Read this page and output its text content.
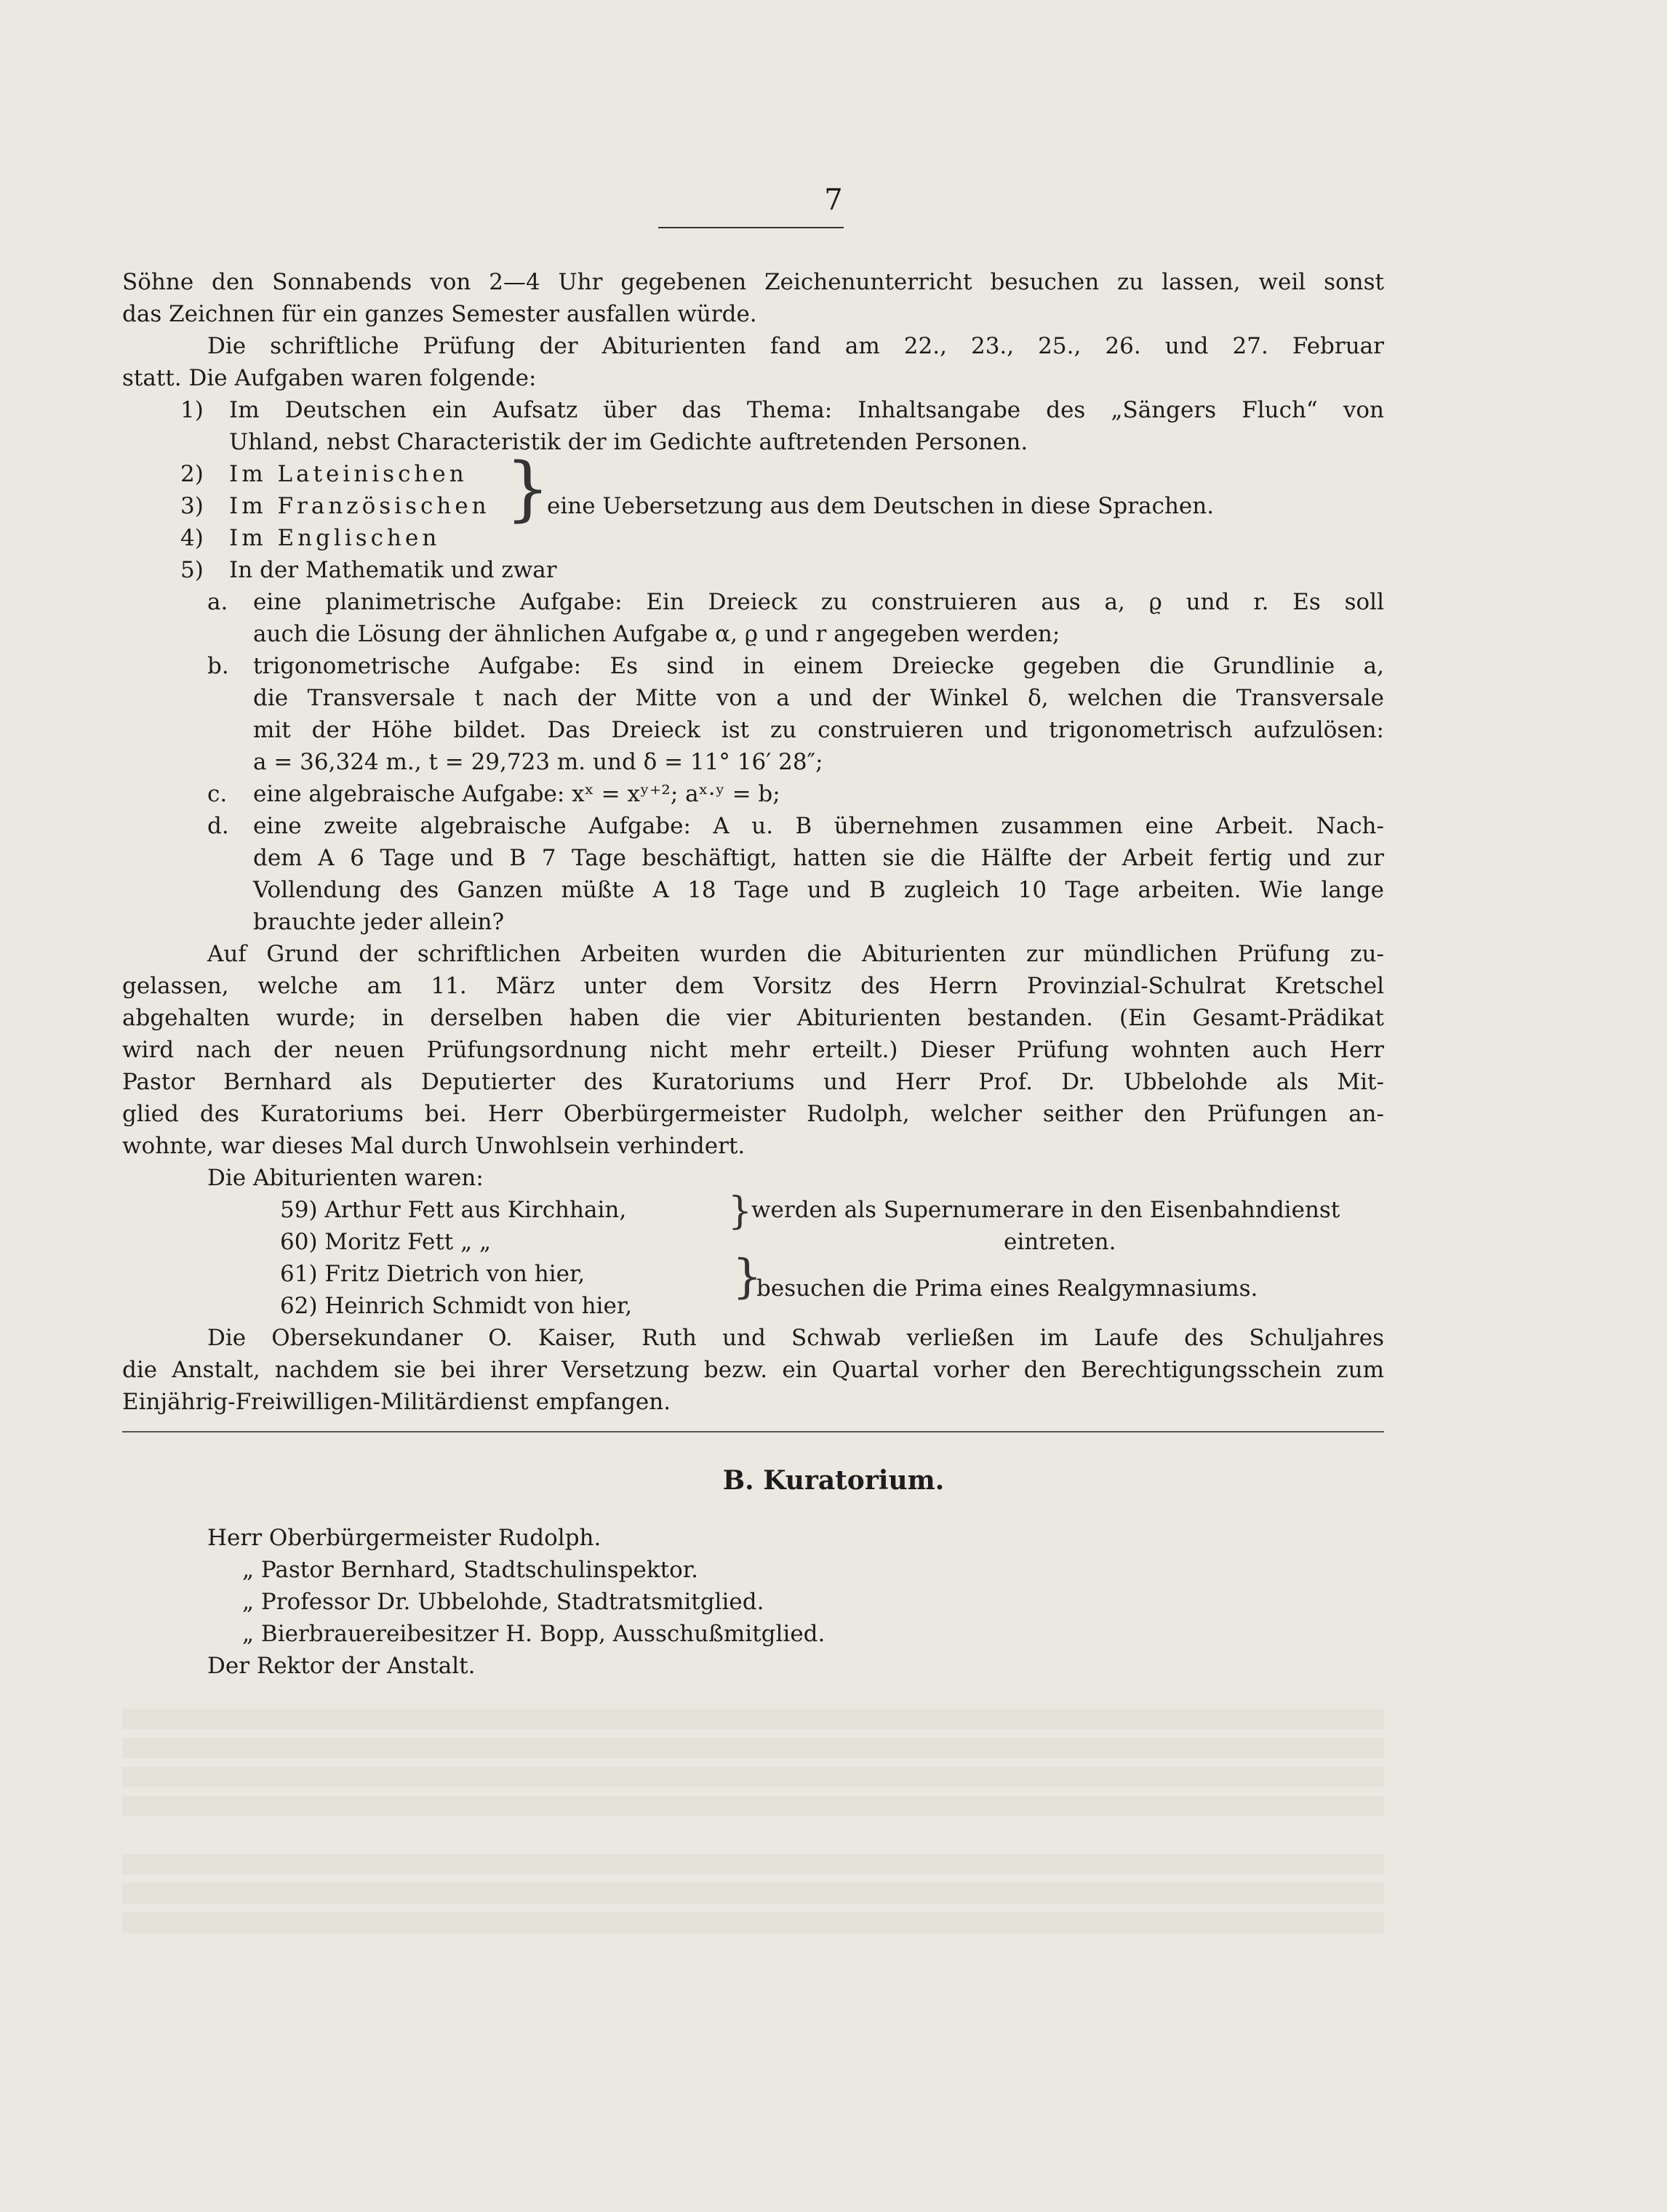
7
Söhne den Sonnabends von 2—4 Uhr gegebenen Zeichenunterricht besuchen zu lassen, weil sonst
das Zeichnen für ein ganzes Semester ausfallen würde.
Die schriftliche Prüfung der Abiturienten fand am 22., 23., 25., 26. und 27. Februar
statt. Die Aufgaben waren folgende:
1) Im Deutschen ein Aufsatz über das Thema: Inhaltsangabe des „Sängers Fluch“ von
Uhland, nebst Characteristik der im Gedichte auftretenden Personen.
2) Im Lateinischen
3) Im Französischen }
eine Uebersetzung aus dem Deutschen in diese Sprachen.
4) Im Englischen
5) In der Mathematik und zwar
a. eine planimetrische Aufgabe: Ein Dreieck zu construieren aus a, ϱ und r. Es soll
auch die Lösung der ähnlichen Aufgabe α, ϱ und r angegeben werden;
b. trigonometrische Aufgabe: Es sind in einem Dreiecke gegeben die Grundlinie a,
die Transversale t nach der Mitte von a und der Winkel δ, welchen die Transversale
mit der Höhe bildet. Das Dreieck ist zu construieren und trigonometrisch aufzulösen:
a = 36,324 m., t = 29,723 m. und δ = 11° 16′ 28″;
c. eine algebraische Aufgabe: xˣ = xʸ⁺²; aˣ·ʸ = b;
d. eine zweite algebraische Aufgabe: A u. B übernehmen zusammen eine Arbeit. Nach-
dem A 6 Tage und B 7 Tage beschäftigt, hatten sie die Hälfte der Arbeit fertig und zur
Vollendung des Ganzen müßte A 18 Tage und B zugleich 10 Tage arbeiten. Wie lange
brauchte jeder allein?
Auf Grund der schriftlichen Arbeiten wurden die Abiturienten zur mündlichen Prüfung zu-
gelassen, welche am 11. März unter dem Vorsitz des Herrn Provinzial-Schulrat Kretschel
abgehalten wurde; in derselben haben die vier Abiturienten bestanden. (Ein Gesamt-Prädikat
wird nach der neuen Prüfungsordnung nicht mehr erteilt.) Dieser Prüfung wohnten auch Herr
Pastor Bernhard als Deputierter des Kuratoriums und Herr Prof. Dr. Ubbelohde als Mit-
glied des Kuratoriums bei. Herr Oberbürgermeister Rudolph, welcher seither den Prüfungen an-
wohnte, war dieses Mal durch Unwohlsein verhindert.
Die Abiturienten waren:
59) Arthur Fett aus Kirchhain,	}
werden als Supernumerare in den Eisenbahndienst
60) Moritz Fett „ „	eintreten.
61) Fritz Dietrich von hier,	}
besuchen die Prima eines Realgymnasiums.
62) Heinrich Schmidt von hier,
Die Obersekundaner O. Kaiser, Ruth und Schwab verließen im Laufe des Schuljahres
die Anstalt, nachdem sie bei ihrer Versetzung bezw. ein Quartal vorher den Berechtigungsschein zum
Einjährig-Freiwilligen-Militärdienst empfangen.
B. Kuratorium.
Herr Oberbürgermeister Rudolph.
„ Pastor Bernhard, Stadtschulinspektor.
„ Professor Dr. Ubbelohde, Stadtratsmitglied.
„ Bierbrauereibesitzer H. Bopp, Ausschußmitglied.
Der Rektor der Anstalt.
